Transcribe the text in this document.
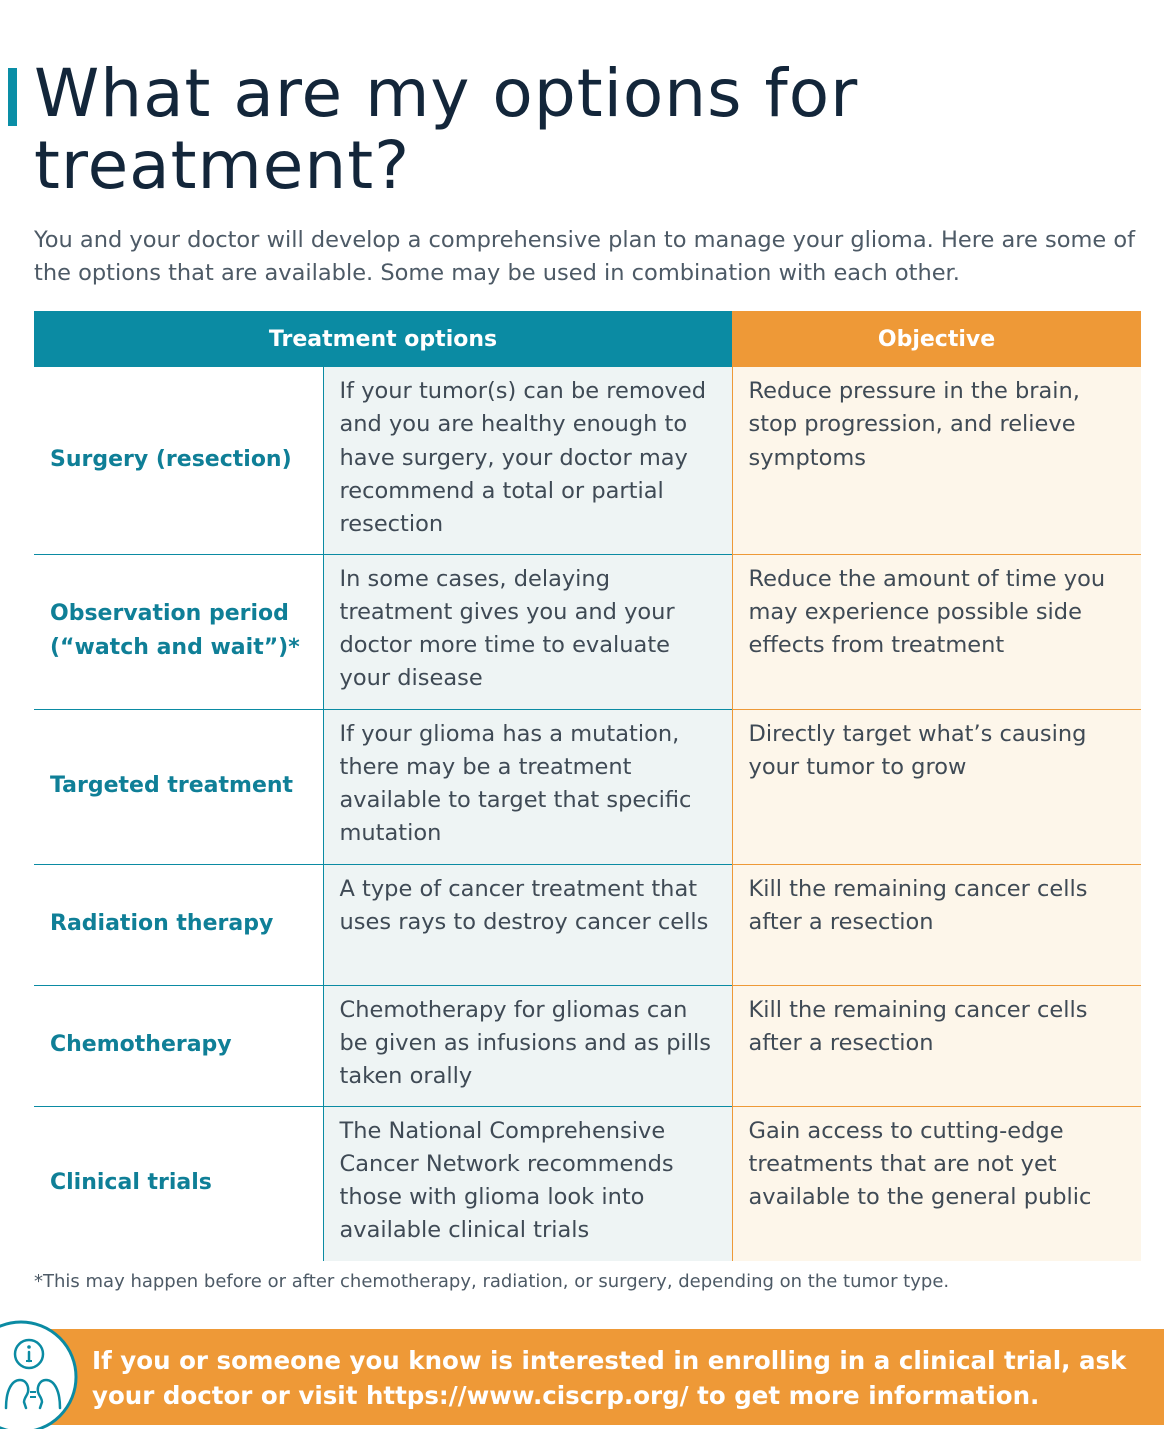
What are my options for treatment?

You and your doctor will develop a comprehensive plan to manage your glioma. Here are some of the options that are available. Some may be used in combination with each other.

Treatment options		Objective
Surgery (resection)	If your tumor(s) can be removed and you are healthy enough to have surgery, your doctor may recommend a total or partial resection	Reduce pressure in the brain, stop progression, and relieve symptoms
Observation period (“watch and wait”)*	In some cases, delaying treatment gives you and your doctor more time to evaluate your disease	Reduce the amount of time you may experience possible side effects from treatment
Targeted treatment	If your glioma has a mutation, there may be a treatment available to target that specific mutation	Directly target what’s causing your tumor to grow
Radiation therapy	A type of cancer treatment that uses rays to destroy cancer cells	Kill the remaining cancer cells after a resection
Chemotherapy	Chemotherapy for gliomas can be given as infusions and as pills taken orally	Kill the remaining cancer cells after a resection
Clinical trials	The National Comprehensive Cancer Network recommends those with glioma look into available clinical trials	Gain access to cutting-edge treatments that are not yet available to the general public

*This may happen before or after chemotherapy, radiation, or surgery, depending on the tumor type.

If you or someone you know is interested in enrolling in a clinical trial, ask your doctor or visit https://www.ciscrp.org/ to get more information.
